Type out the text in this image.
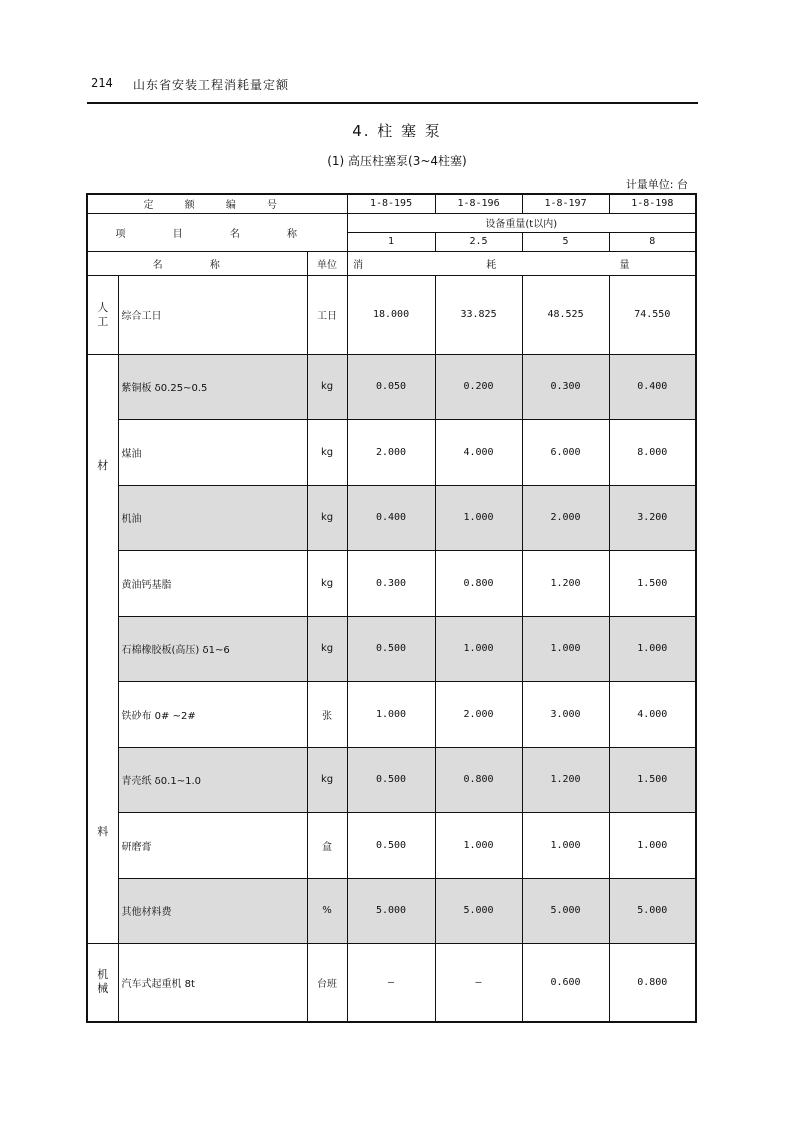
214 山东省安装工程消耗量定额
4. 柱 塞 泵
(1) 高压柱塞泵(3~4柱塞)
计量单位: 台
定 额 编 号			1-8-195	1-8-196	1-8-197	1-8-198
项 目 名 称			设备重量(t以内)			
			1	2.5	5	8
名 称		单位	消 耗 量			
人工	综合工日	工日	18.000	33.825	48.525	74.550

材
料	紫铜板 δ0.25~0.5	kg	0.050	0.200	0.300	0.400
	煤油	kg	2.000	4.000	6.000	8.000
	机油	kg	0.400	1.000	2.000	3.200
	黄油钙基脂	kg	0.300	0.800	1.200	1.500
	石棉橡胶板(高压) δ1~6	kg	0.500	1.000	1.000	1.000
	铁砂布 0# ~2#	张	1.000	2.000	3.000	4.000
	青壳纸 δ0.1~1.0	kg	0.500	0.800	1.200	1.500
	研磨膏	盒	0.500	1.000	1.000	1.000
	其他材料费	%	5.000	5.000	5.000	5.000
机械	汽车式起重机 8t	台班	—	—	0.600	0.800
